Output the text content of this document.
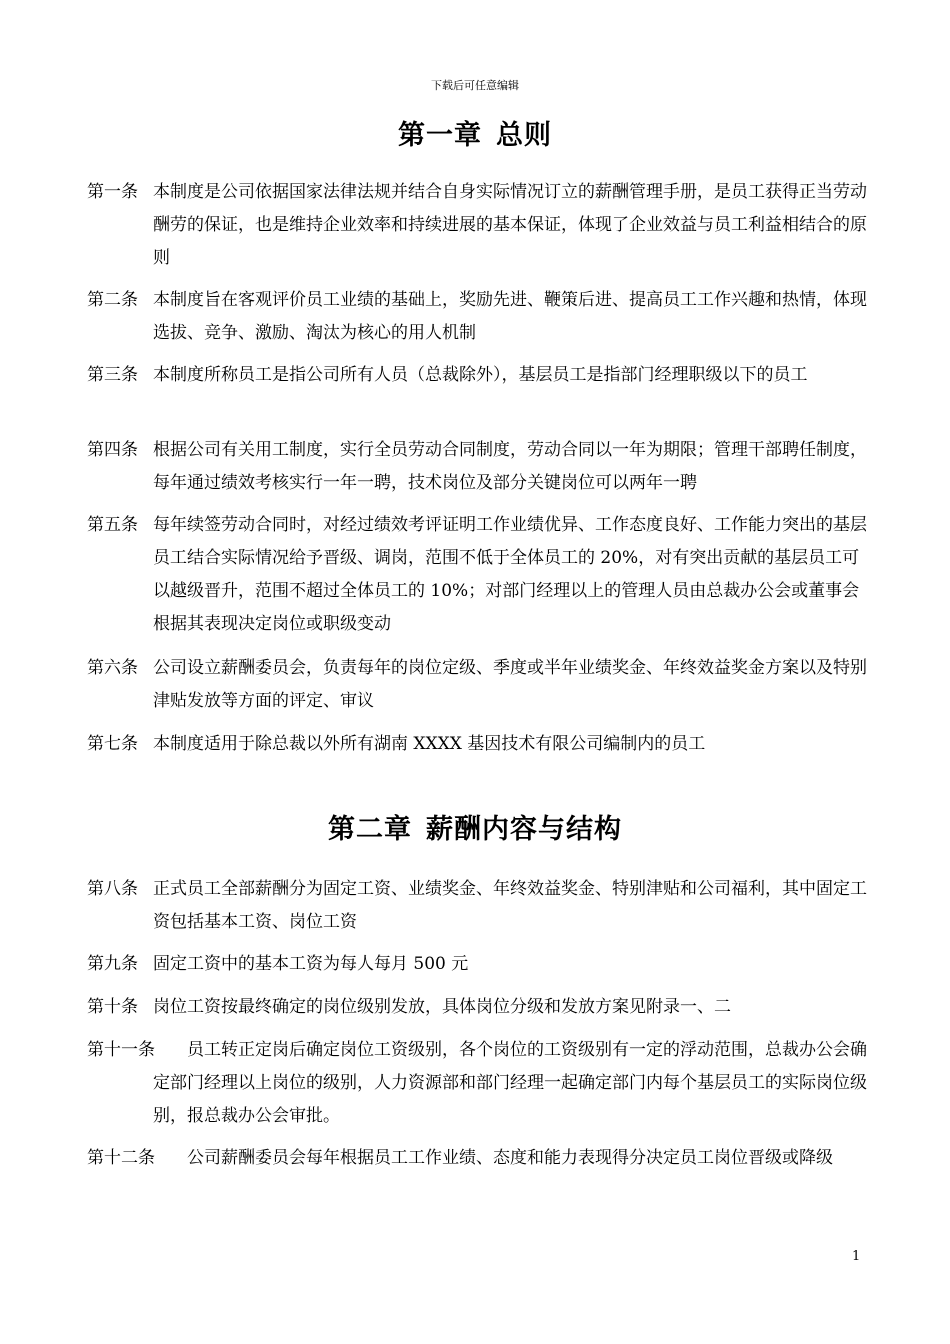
下载后可任意编辑
第一章 总则
第一条 本制度是公司依据国家法律法规并结合自身实际情况订立的薪酬管理手册，是员工获得正当劳动酬劳的保证，也是维持企业效率和持续进展的基本保证，体现了企业效益与员工利益相结合的原则
第二条 本制度旨在客观评价员工业绩的基础上，奖励先进、鞭策后进、提高员工工作兴趣和热情，体现选拔、竞争、激励、淘汰为核心的用人机制
第三条 本制度所称员工是指公司所有人员（总裁除外），基层员工是指部门经理职级以下的员工
第四条 根据公司有关用工制度，实行全员劳动合同制度，劳动合同以一年为期限；管理干部聘任制度，每年通过绩效考核实行一年一聘，技术岗位及部分关键岗位可以两年一聘
第五条 每年续签劳动合同时，对经过绩效考评证明工作业绩优异、工作态度良好、工作能力突出的基层员工结合实际情况给予晋级、调岗，范围不低于全体员工的 20%，对有突出贡献的基层员工可以越级晋升，范围不超过全体员工的 10%；对部门经理以上的管理人员由总裁办公会或董事会根据其表现决定岗位或职级变动
第六条 公司设立薪酬委员会，负责每年的岗位定级、季度或半年业绩奖金、年终效益奖金方案以及特别津贴发放等方面的评定、审议
第七条 本制度适用于除总裁以外所有湖南 XXXX 基因技术有限公司编制内的员工
第二章 薪酬内容与结构
第八条 正式员工全部薪酬分为固定工资、业绩奖金、年终效益奖金、特别津贴和公司福利，其中固定工资包括基本工资、岗位工资
第九条 固定工资中的基本工资为每人每月 500 元
第十条 岗位工资按最终确定的岗位级别发放，具体岗位分级和发放方案见附录一、二
第十一条	员工转正定岗后确定岗位工资级别，各个岗位的工资级别有一定的浮动范围，总裁办公会确定部门经理以上岗位的级别，人力资源部和部门经理一起确定部门内每个基层员工的实际岗位级别，报总裁办公会审批。
第十二条	公司薪酬委员会每年根据员工工作业绩、态度和能力表现得分决定员工岗位晋级或降级
1
